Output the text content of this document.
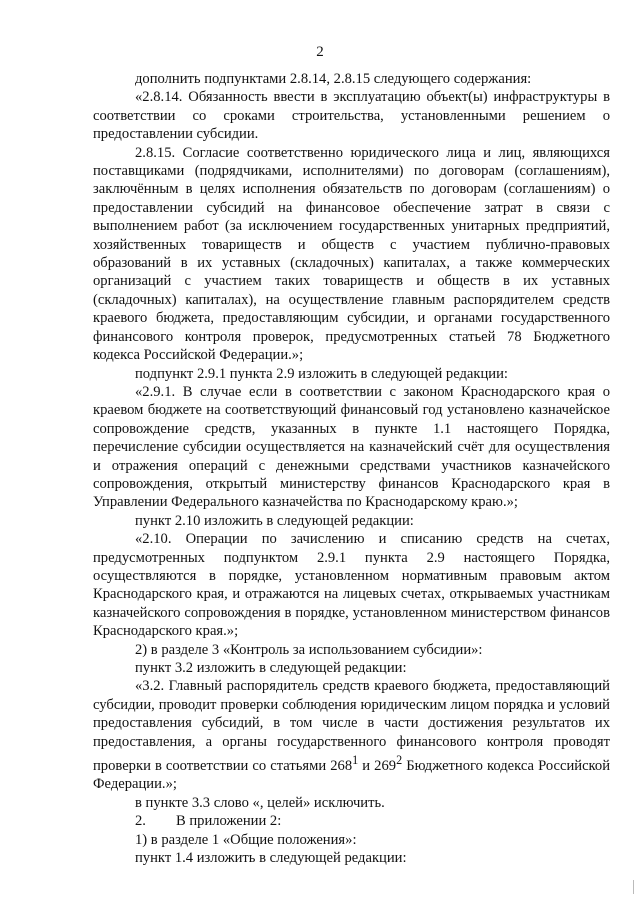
2

дополнить подпунктами 2.8.14, 2.8.15 следующего содержания:

«2.8.14. Обязанность ввести в эксплуатацию объект(ы) инфраструктуры в соответствии со сроками строительства, установленными решением о предоставлении субсидии.

2.8.15. Согласие соответственно юридического лица и лиц, являющихся поставщиками (подрядчиками, исполнителями) по договорам (соглашениям), заключённым в целях исполнения обязательств по договорам (соглашениям) о предоставлении субсидий на финансовое обеспечение затрат в связи с выполнением работ (за исключением государственных унитарных предприятий, хозяйственных товариществ и обществ с участием публично-правовых образований в их уставных (складочных) капиталах, а также коммерческих организаций с участием таких товариществ и обществ в их уставных (складочных) капиталах), на осуществление главным распорядителем средств краевого бюджета, предоставляющим субсидии, и органами государственного финансового контроля проверок, предусмотренных статьей 78 Бюджетного кодекса Российской Федерации.»;

подпункт 2.9.1 пункта 2.9 изложить в следующей редакции:

«2.9.1. В случае если в соответствии с законом Краснодарского края о краевом бюджете на соответствующий финансовый год установлено казначейское сопровождение средств, указанных в пункте 1.1 настоящего Порядка, перечисление субсидии осуществляется на казначейский счёт для осуществления и отражения операций с денежными средствами участников казначейского сопровождения, открытый министерству финансов Краснодарского края в Управлении Федерального казначейства по Краснодарскому краю.»;

пункт 2.10 изложить в следующей редакции:

«2.10. Операции по зачислению и списанию средств на счетах, предусмотренных подпунктом 2.9.1 пункта 2.9 настоящего Порядка, осуществляются в порядке, установленном нормативным правовым актом Краснодарского края, и отражаются на лицевых счетах, открываемых участникам казначейского сопровождения в порядке, установленном министерством финансов Краснодарского края.»;

2) в разделе 3 «Контроль за использованием субсидии»:

пункт 3.2 изложить в следующей редакции:

«3.2. Главный распорядитель средств краевого бюджета, предоставляющий субсидии, проводит проверки соблюдения юридическим лицом порядка и условий предоставления субсидий, в том числе в части достижения результатов их предоставления, а органы государственного финансового контроля проводят проверки в соответствии со статьями $268^1$ и $269^2$ Бюджетного кодекса Российской Федерации.»;

в пункте 3.3 слово «, целей» исключить.

2. В приложении 2:

1) в разделе 1 «Общие положения»:

пункт 1.4 изложить в следующей редакции:
